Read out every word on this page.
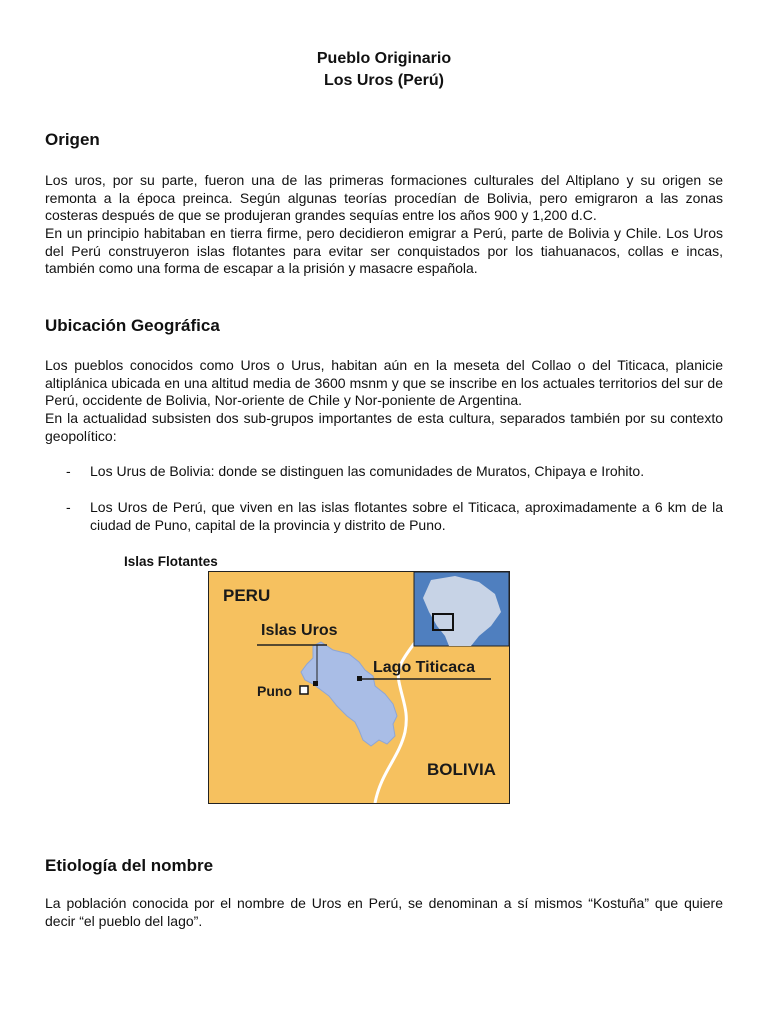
Pueblo Originario
Los Uros (Perú)
Origen

Los uros, por su parte, fueron una de las primeras formaciones culturales del Altiplano y su origen se remonta a la época preinca. Según algunas teorías procedían de Bolivia, pero emigraron a las zonas costeras después de que se produjeran grandes sequías entre los años 900 y 1,200 d.C.

En un principio habitaban en tierra firme, pero decidieron emigrar a Perú, parte de Bolivia y Chile. Los Uros del Perú construyeron islas flotantes para evitar ser conquistados por los tiahuanacos, collas e incas, también como una forma de escapar a la prisión y masacre española.

Ubicación Geográfica

Los pueblos conocidos como Uros o Urus, habitan aún en la meseta del Collao o del Titicaca, planicie altiplánica ubicada en una altitud media de 3600 msnm y que se inscribe en los actuales territorios del sur de Perú, occidente de Bolivia, Nor-oriente de Chile y Nor-poniente de Argentina.

En la actualidad subsisten dos sub-grupos importantes de esta cultura, separados también por su contexto geopolítico:

- Los Urus de Bolivia: donde se distinguen las comunidades de Muratos, Chipaya e Irohito.
- Los Uros de Perú, que viven en las islas flotantes sobre el Titicaca, aproximadamente a 6 km de la ciudad de Puno, capital de la provincia y distrito de Puno.
Islas Flotantes
PERU
Islas Uros
Lago Titicaca
Puno
BOLIVIA
Etiología del nombre

La población conocida por el nombre de Uros en Perú, se denominan a sí mismos “Kostuña” que quiere decir “el pueblo del lago”.
